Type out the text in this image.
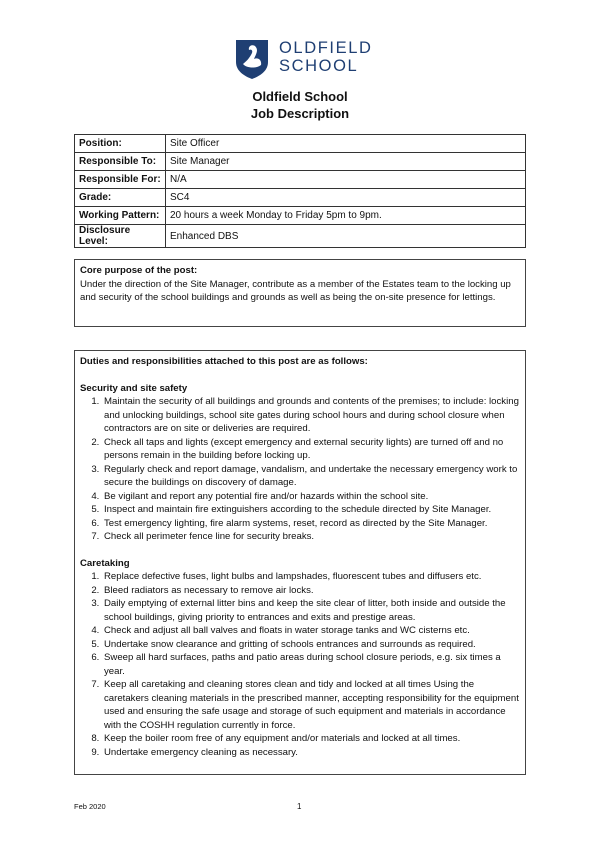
OLDFIELD
SCHOOL
Oldfield School
Job Description
Position:	Site Officer
Responsible To:	Site Manager
Responsible For:	N/A
Grade:	SC4
Working Pattern:	20 hours a week Monday to Friday 5pm to 9pm.
Disclosure Level:	Enhanced DBS
Core purpose of the post:
Under the direction of the Site Manager, contribute as a member of the Estates team to the locking up and security of the school buildings and grounds as well as being the on-site presence for lettings.
Duties and responsibilities attached to this post are as follows:
Security and site safety
1. Maintain the security of all buildings and grounds and contents of the premises; to include: locking and unlocking buildings, school site gates during school hours and during school closure when contractors are on site or deliveries are required.
2. Check all taps and lights (except emergency and external security lights) are turned off and no persons remain in the building before locking up.
3. Regularly check and report damage, vandalism, and undertake the necessary emergency work to secure the buildings on discovery of damage.
4. Be vigilant and report any potential fire and/or hazards within the school site.
5. Inspect and maintain fire extinguishers according to the schedule directed by Site Manager.
6. Test emergency lighting, fire alarm systems, reset, record as directed by the Site Manager.
7. Check all perimeter fence line for security breaks.
Caretaking
1. Replace defective fuses, light bulbs and lampshades, fluorescent tubes and diffusers etc.
2. Bleed radiators as necessary to remove air locks.
3. Daily emptying of external litter bins and keep the site clear of litter, both inside and outside the school buildings, giving priority to entrances and exits and prestige areas.
4. Check and adjust all ball valves and floats in water storage tanks and WC cisterns etc.
5. Undertake snow clearance and gritting of schools entrances and surrounds as required.
6. Sweep all hard surfaces, paths and patio areas during school closure periods, e.g. six times a year.
7. Keep all caretaking and cleaning stores clean and tidy and locked at all times Using the caretakers cleaning materials in the prescribed manner, accepting responsibility for the equipment used and ensuring the safe usage and storage of such equipment and materials in accordance with the COSHH regulation currently in force.
8. Keep the boiler room free of any equipment and/or materials and locked at all times.
9. Undertake emergency cleaning as necessary.
Feb 2020	1
